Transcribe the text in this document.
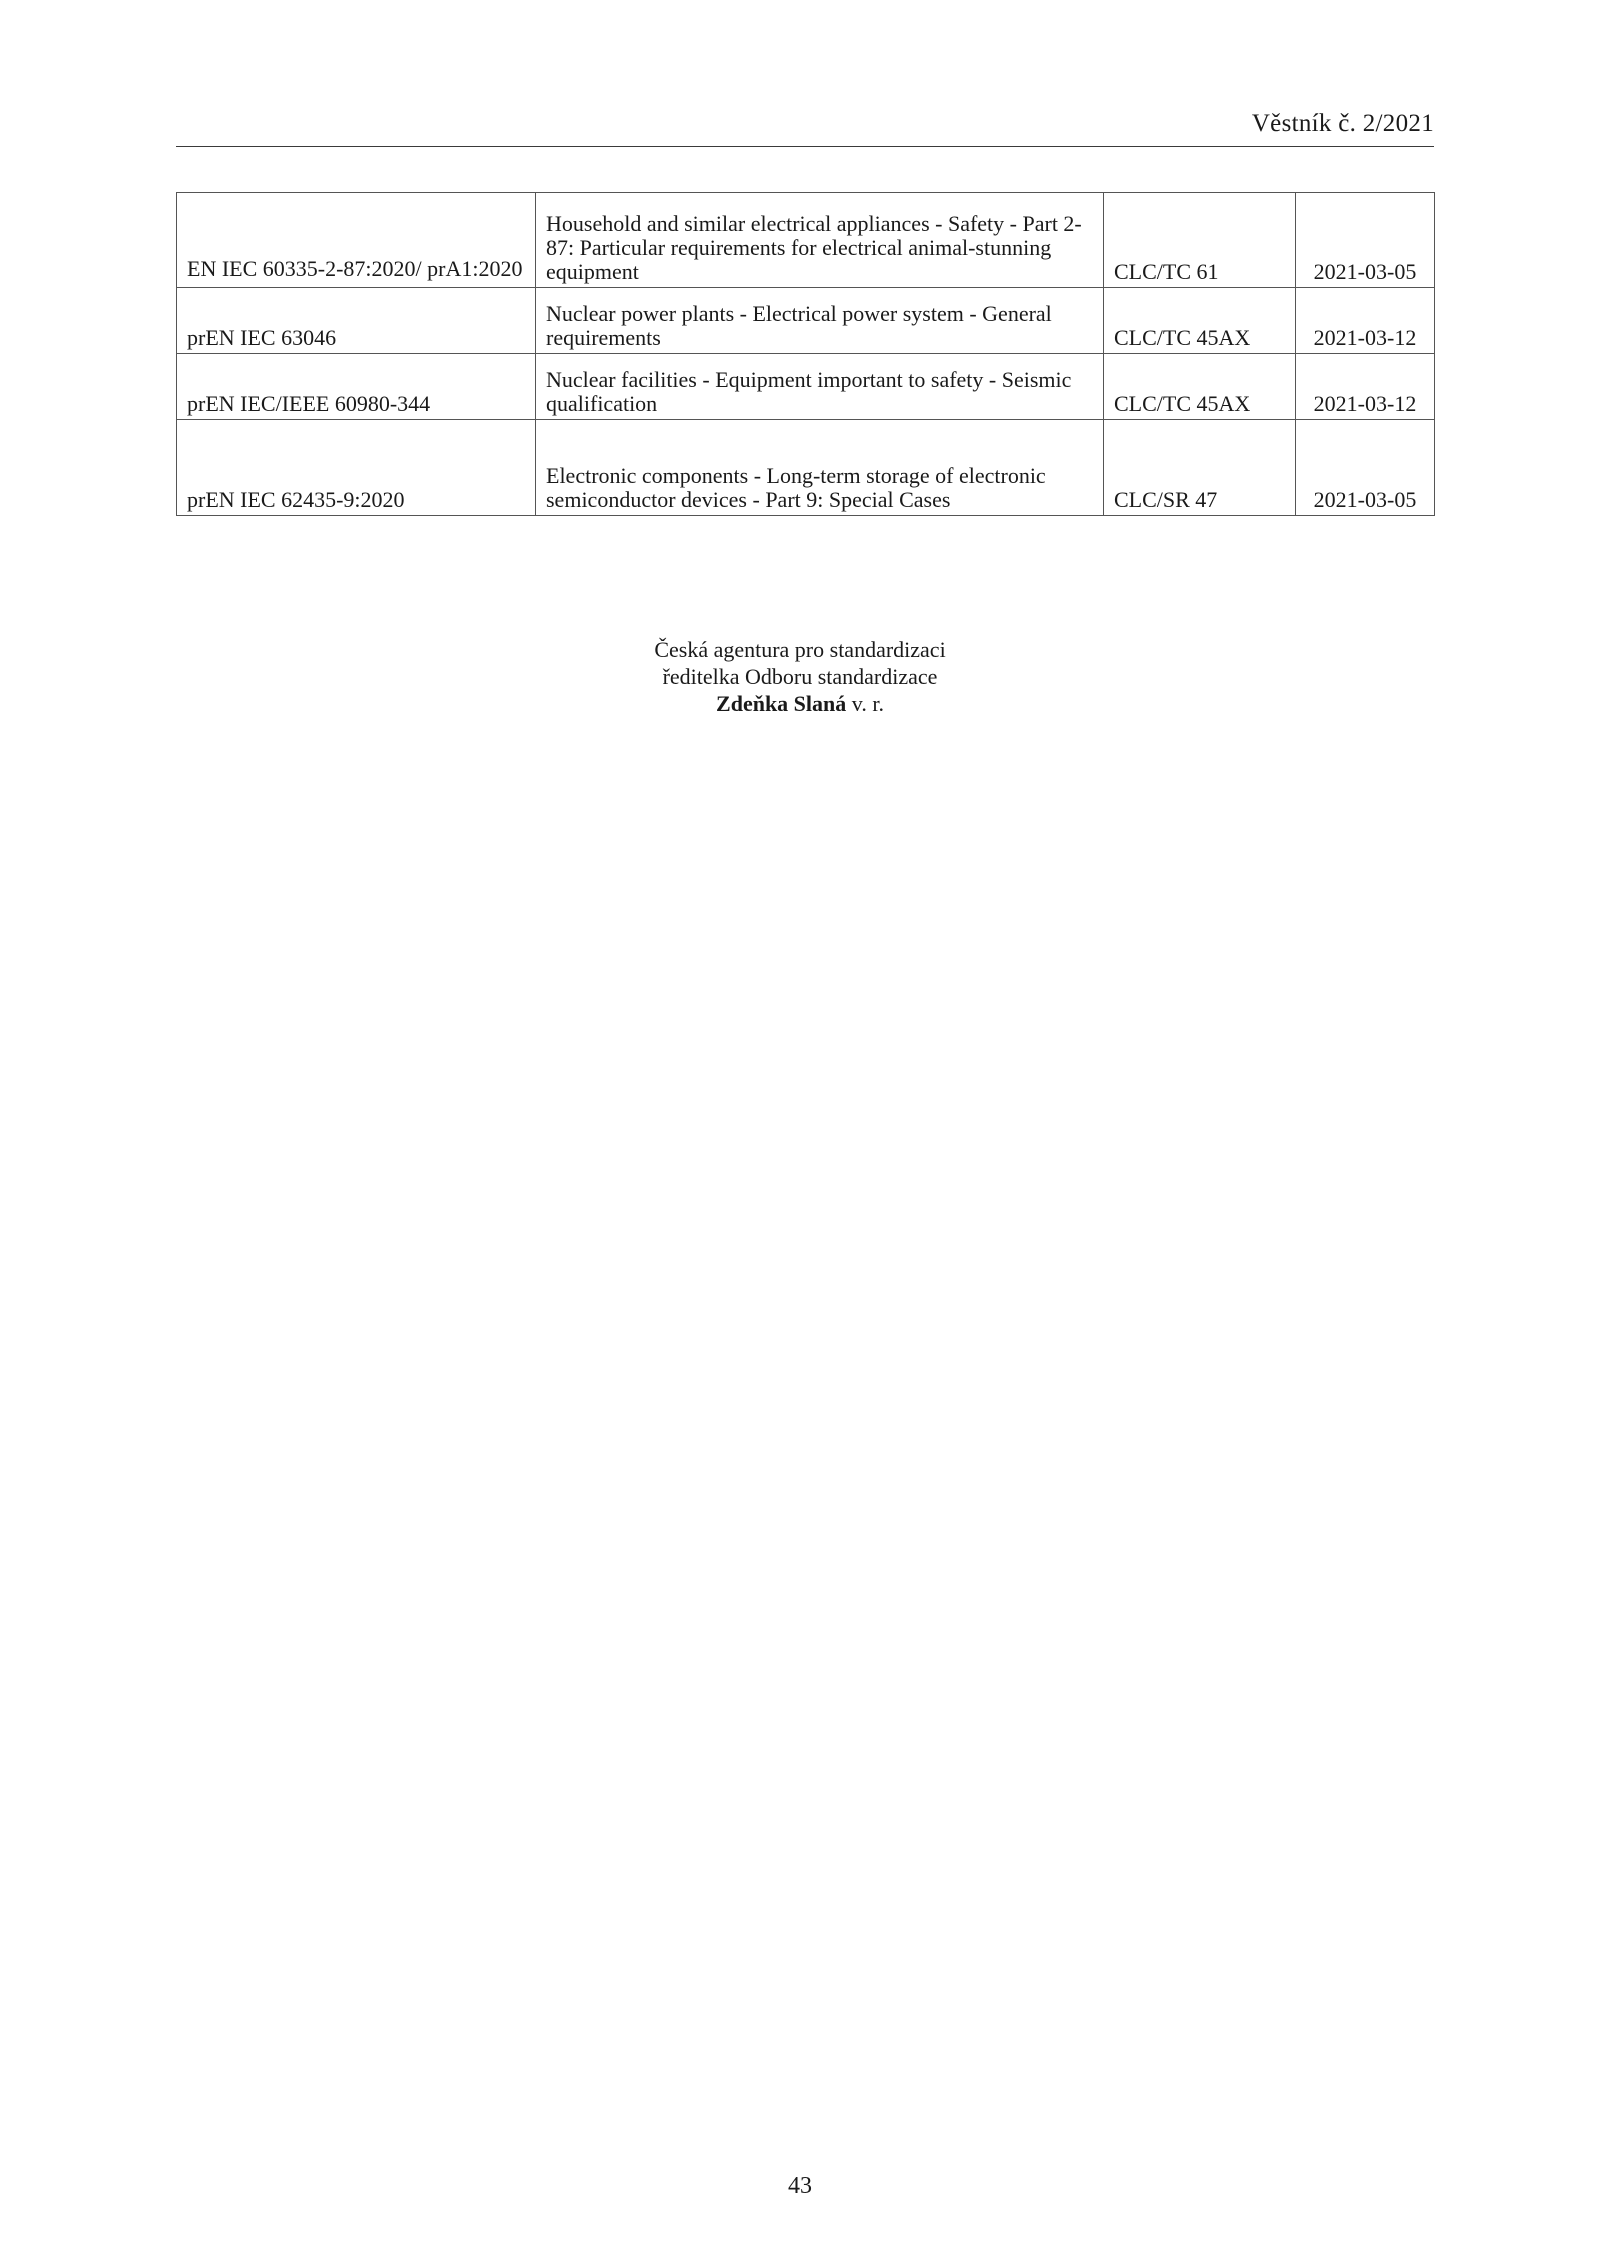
Věstník č. 2/2021
EN IEC 60335-2-87:2020/ prA1:2020	Household and similar electrical appliances - Safety - Part 2-87: Particular requirements for electrical animal-stunning equipment	CLC/TC 61	2021-03-05
prEN IEC 63046	Nuclear power plants - Electrical power system - General requirements	CLC/TC 45AX	2021-03-12
prEN IEC/IEEE 60980-344	Nuclear facilities - Equipment important to safety - Seismic qualification	CLC/TC 45AX	2021-03-12
prEN IEC 62435-9:2020	Electronic components - Long-term storage of electronic semiconductor devices - Part 9: Special Cases	CLC/SR 47	2021-03-05
Česká agentura pro standardizaci
ředitelka Odboru standardizace
Zdeňka Slaná v. r.
43
